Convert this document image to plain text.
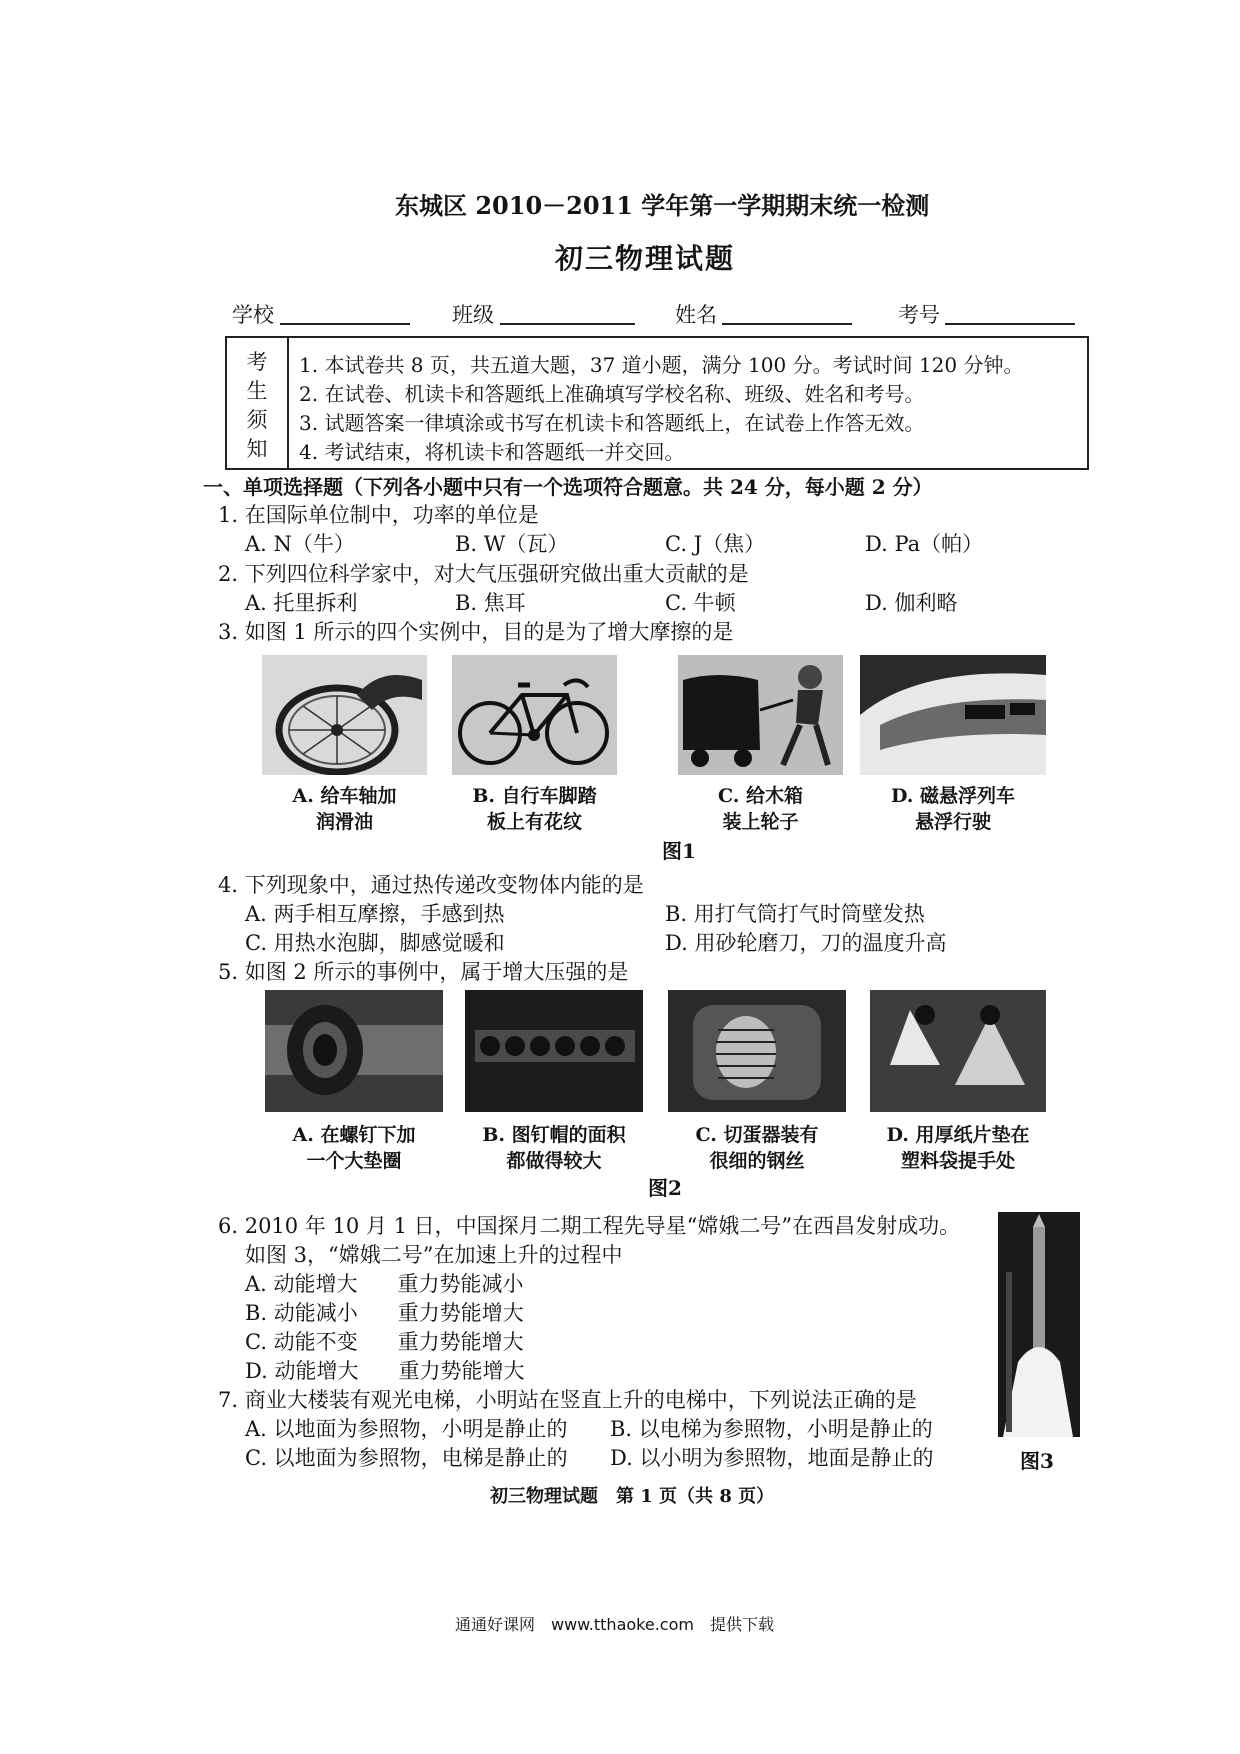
东城区 2010－2011 学年第一学期期末统一检测
初三物理试题
学校	班级	姓名	考号
考
生
须
知
1. 本试卷共 8 页，共五道大题，37 道小题，满分 100 分。考试时间 120 分钟。
2. 在试卷、机读卡和答题纸上准确填写学校名称、班级、姓名和考号。
3. 试题答案一律填涂或书写在机读卡和答题纸上，在试卷上作答无效。
4. 考试结束，将机读卡和答题纸一并交回。
一、单项选择题（下列各小题中只有一个选项符合题意。共 24 分，每小题 2 分）
1. 在国际单位制中，功率的单位是
A. N（牛）	B. W（瓦）	C. J（焦）	D. Pa（帕）
2. 下列四位科学家中，对大气压强研究做出重大贡献的是
A. 托里拆利	B. 焦耳	C. 牛顿	D. 伽利略
3. 如图 1 所示的四个实例中，目的是为了增大摩擦的是
A. 给车轴加
润滑油
B. 自行车脚踏
板上有花纹
C. 给木箱
装上轮子
D. 磁悬浮列车
悬浮行驶
图1
4. 下列现象中，通过热传递改变物体内能的是
A. 两手相互摩擦，手感到热	B. 用打气筒打气时筒壁发热
C. 用热水泡脚，脚感觉暖和	D. 用砂轮磨刀，刀的温度升高
5. 如图 2 所示的事例中，属于增大压强的是
A. 在螺钉下加
一个大垫圈
B. 图钉帽的面积
都做得较大
C. 切蛋器装有
很细的钢丝
D. 用厚纸片垫在
塑料袋提手处
图2
6. 2010 年 10 月 1 日，中国探月二期工程先导星“嫦娥二号”在西昌发射成功。
如图 3，“嫦娥二号”在加速上升的过程中
A. 动能增大 重力势能减小
B. 动能减小 重力势能增大
C. 动能不变 重力势能增大
D. 动能增大 重力势能增大
图3
7. 商业大楼装有观光电梯，小明站在竖直上升的电梯中，下列说法正确的是
A. 以地面为参照物，小明是静止的 B. 以电梯为参照物，小明是静止的
C. 以地面为参照物，电梯是静止的 D. 以小明为参照物，地面是静止的
初三物理试题　第 1 页（共 8 页）
通通好课网　www.tthaoke.com　提供下载
